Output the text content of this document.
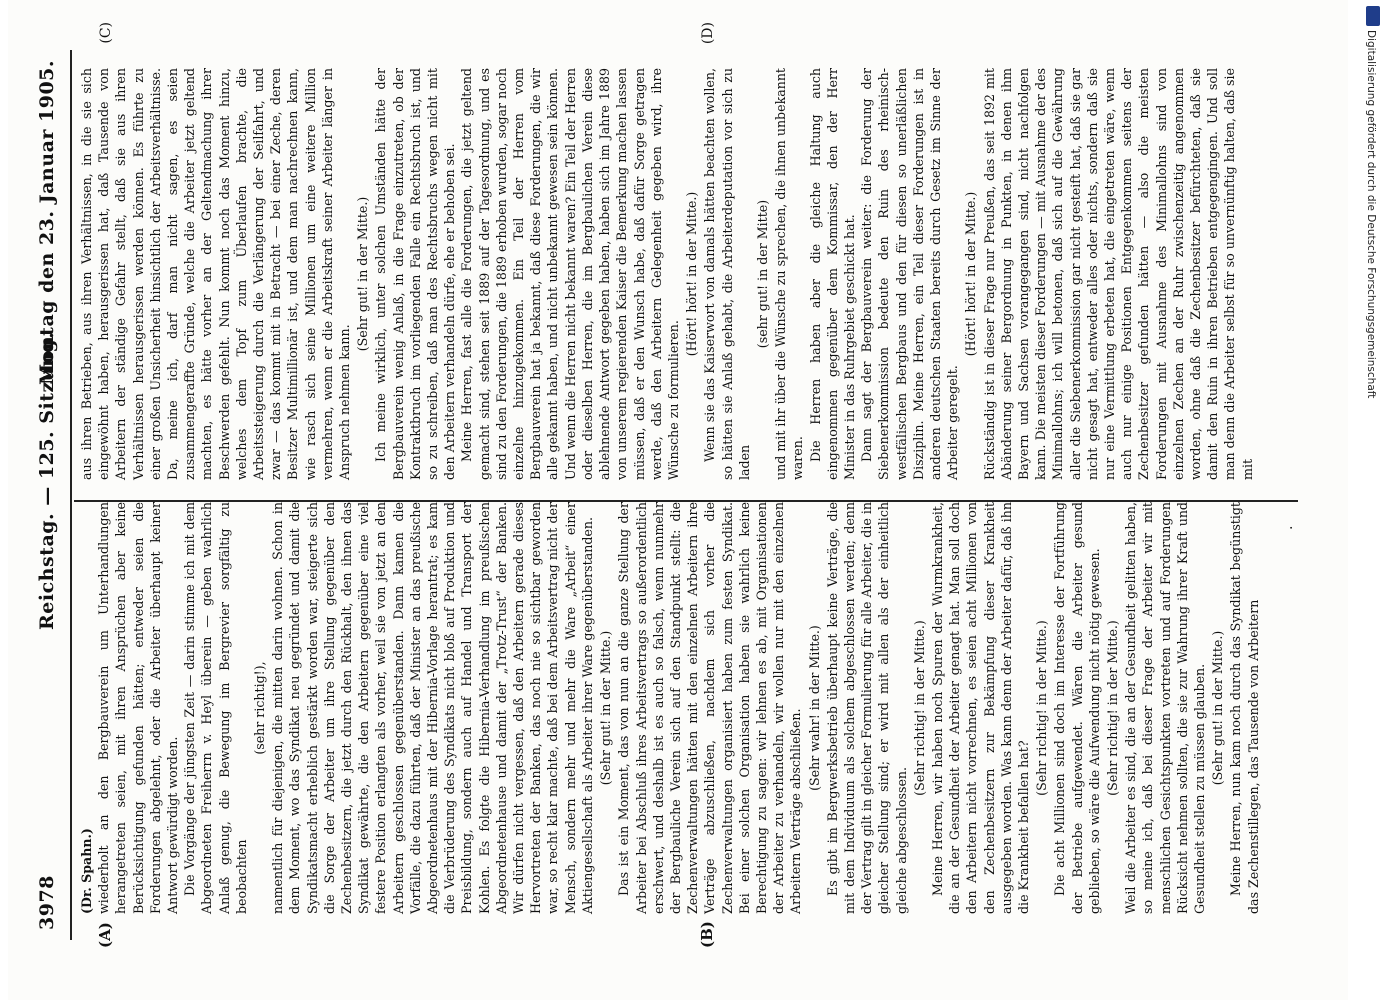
3978
Reichstag. — 125. Sitzung.
Montag den 23. Januar 1905.
(A)	(B)
(C)	(D)

(Dr. Spahn.) wiederholt an den Bergbauverein um Unterhandlungen herangetreten seien, mit ihren Ansprüchen aber keine Berücksichtigung gefunden hätten; entweder seien die Forderungen abgelehnt, oder die Arbeiter überhaupt keiner Antwort gewürdigt worden. Die Vorgänge der jüngsten Zeit — darin stimme ich mit dem Abgeordneten Freiherrn v. Heyl überein — geben wahrlich Anlaß genug, die Bewegung im Bergrevier sorgfältig zu beobachten

(sehr richtig!), namentlich für diejenigen, die mitten darin wohnen. Schon in dem Moment, wo das Syndikat neu gegründet und damit die Syndikatsmacht erheblich gestärkt worden war, steigerte sich die Sorge der Arbeiter um ihre Stellung gegenüber den Zechenbesitzern, die jetzt durch den Rückhalt, den ihnen das Syndikat gewährte, die den Arbeitern gegenüber eine viel festere Position erlangten als vorher, weil sie von jetzt an den Arbeitern geschlossen gegenüberstanden. Dann kamen die Vorfälle, die dazu führten, daß der Minister an das preußische Abgeordnetenhaus mit der Hibernia-Vorlage herantrat; es kam die Verbrüderung des Syndikats nicht bloß auf Produktion und Preisbildung, sondern auch auf Handel und Transport der Kohlen. Es folgte die Hibernia-Verhandlung im preußischen Abgeordnetenhause und damit der „Trotz-Trust“ der Banken. Wir dürfen nicht vergessen, daß den Arbeitern gerade dieses Hervortreten der Banken, das noch nie so sichtbar geworden war, so recht klar machte, daß bei dem Arbeitsvertrag nicht der Mensch, sondern mehr und mehr die Ware „Arbeit“ einer Aktiengesellschaft als Arbeiter ihrer Ware gegenüberstanden. (Sehr gut! in der Mitte.) Das ist ein Moment, das von nun an die ganze Stellung der Arbeiter bei Abschluß ihres Arbeitsvertrags so außerordentlich erschwert, und deshalb ist es auch so falsch, wenn nunmehr der Bergbauliche Verein sich auf den Standpunkt stellt: die Zechenverwaltungen hätten mit den einzelnen Arbeitern ihre Verträge abzuschließen, nachdem sich vorher die Zechenverwaltungen organisiert haben zum festen Syndikat. Bei einer solchen Organisation haben sie wahrlich keine Berechtigung zu sagen: wir lehnen es ab, mit Organisationen der Arbeiter zu verhandeln, wir wollen nur mit den einzelnen Arbeitern Verträge abschließen.

(Sehr wahr! in der Mitte.) Es gibt im Bergwerksbetrieb überhaupt keine Verträge, die mit dem Individuum als solchem abgeschlossen werden; denn der Vertrag gilt in gleicher Formulierung für alle Arbeiter, die in gleicher Stellung sind; er wird mit allen als der einheitlich gleiche abgeschlossen.

(Sehr richtig! in der Mitte.) Meine Herren, wir haben noch Spuren der Wurmkrankheit, die an der Gesundheit der Arbeiter genagt hat. Man soll doch den Arbeitern nicht vorrechnen, es seien acht Millionen von den Zechenbesitzern zur Bekämpfung dieser Krankheit ausgegeben worden. Was kann denn der Arbeiter dafür, daß ihn die Krankheit befallen hat?

(Sehr richtig! in der Mitte.) Die acht Millionen sind doch im Interesse der Fortführung der Betriebe aufgewendet. Wären die Arbeiter gesund geblieben, so wäre die Aufwendung nicht nötig gewesen. (Sehr richtig! in der Mitte.) Weil die Arbeiter es sind, die an der Gesundheit gelitten haben, so meine ich, daß bei dieser Frage der Arbeiter wir mit menschlichen Gesichtspunkten vortreten und auf Forderungen Rücksicht nehmen sollten, die sie zur Wahrung ihrer Kraft und Gesundheit stellen zu müssen glauben. (Sehr gut! in der Mitte.) Meine Herren, nun kam noch durch das Syndikat begünstigt das Zechenstillegen, das Tausende von Arbeitern

aus ihren Betrieben, aus ihren Verhältnissen, in die sie sich eingewöhnt haben, herausgerissen hat, daß Tausende von Arbeitern der ständige Gefahr stellt, daß sie aus ihren Verhältnissen herausgerissen werden können. Es führte zu einer großen Unsicherheit hinsichtlich der Arbeitsverhältnisse. Da, meine ich, darf man nicht sagen, es seien zusammengeraffte Gründe, welche die Arbeiter jetzt geltend machten, es hätte vorher an der Geltendmachung ihrer Beschwerden gefehlt. Nun kommt noch das Moment hinzu, welches dem Topf zum Überlaufen brachte, die Arbeitssteigerung durch die Verlängerung der Seilfahrt, und zwar — das kommt mit in Betracht — bei einer Zeche, deren Besitzer Multimillionär ist, und dem man nachrechnen kann, wie rasch sich seine Millionen um eine weitere Million vermehren, wenn er die Arbeitskraft seiner Arbeiter länger in Anspruch nehmen kann.

(Sehr gut! in der Mitte.) Ich meine wirklich, unter solchen Umständen hätte der Bergbauverein wenig Anlaß, in die Frage einzutreten, ob der Kontraktbruch im vorliegenden Falle ein Rechtsbruch ist, und so zu schreiben, daß man des Rechtsbruchs wegen nicht mit den Arbeitern verhandeln dürfe, ehe er behoben sei. Meine Herren, fast alle die Forderungen, die jetzt geltend gemacht sind, stehen seit 1889 auf der Tagesordnung, und es sind zu den Forderungen, die 1889 erhoben wurden, sogar noch einzelne hinzugekommen. Ein Teil der Herren vom Bergbauverein hat ja bekannt, daß diese Forderungen, die wir alle gekannt haben, und nicht unbekannt gewesen sein können. Und wenn die Herren nicht bekannt waren? Ein Teil der Herren oder dieselben Herren, die im Bergbaulichen Verein diese ablehnende Antwort gegeben haben, haben sich im Jahre 1889 von unserem regierenden Kaiser die Bemerkung machen lassen müssen, daß er den Wunsch habe, daß dafür Sorge getragen werde, daß den Arbeitern Gelegenheit gegeben wird, ihre Wünsche zu formulieren.

(Hört! hört! in der Mitte.) Wenn sie das Kaiserwort von damals hätten beachten wollen, so hätten sie Anlaß gehabt, die Arbeiterdeputation vor sich zu laden

(sehr gut! in der Mitte) und mit ihr über die Wünsche zu sprechen, die ihnen unbekannt waren. Die Herren haben aber die gleiche Haltung auch eingenommen gegenüber dem Kommissar, den der Herr Minister in das Ruhrgebiet geschickt hat. Dann sagt der Bergbauverein weiter: die Forderung der Siebenerkommission bedeute den Ruin des rheinisch-westfälischen Bergbaus und den für diesen so unerläßlichen Disziplin. Meine Herren, ein Teil dieser Forderungen ist in anderen deutschen Staaten bereits durch Gesetz im Sinne der Arbeiter geregelt.

(Hört! hört! in der Mitte.) Rückständig ist in dieser Frage nur Preußen, das seit 1892 mit Abänderung seiner Bergordnung in Punkten, in denen ihm Bayern und Sachsen vorangegangen sind, nicht nachfolgen kann. Die meisten dieser Forderungen — mit Ausnahme der des Minimallohns; ich will betonen, daß sich auf die Gewährung aller die Siebenerkommission gar nicht gesteift hat, daß sie gar nicht gesagt hat, entweder alles oder nichts, sondern daß sie nur eine Vermittlung erbeten hat, die eingetreten wäre, wenn auch nur einige Positionen Entgegenkommen seitens der Zechenbesitzer gefunden hätten — also die meisten Forderungen mit Ausnahme des Minimallohns sind von einzelnen Zechen an der Ruhr zwischenzeitig angenommen worden, ohne daß die Zechenbesitzer befürchteten, daß sie damit den Ruin in ihren Betrieben entgegengingen. Und soll man denn die Arbeiter selbst für so unvernünftig halten, daß sie mit

.
Digitalisierung gefördert durch die Deutsche Forschungsgemeinschaft
